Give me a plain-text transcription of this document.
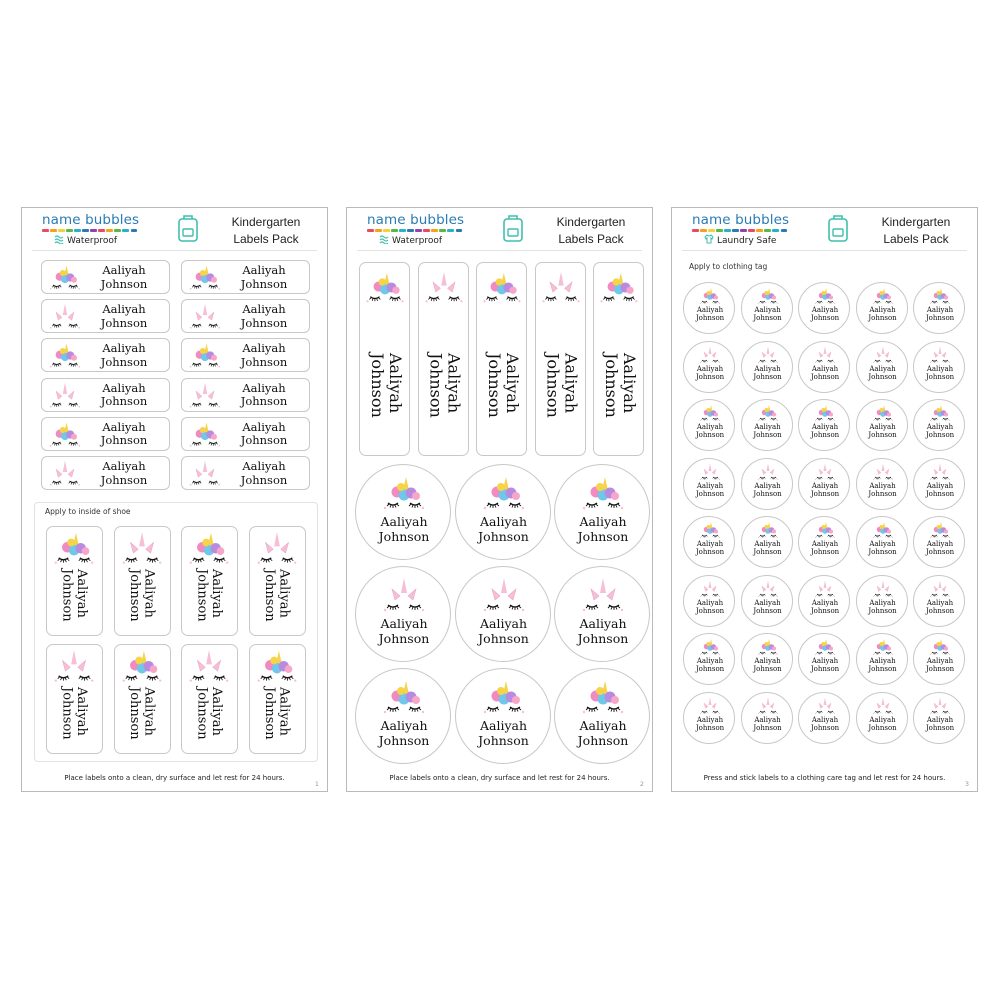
name bubbles
Waterproof
Kindergarten
Labels Pack
Apply to inside of shoe
Place labels onto a clean, dry surface and let rest for 24 hours.
1
Aaliyah
Johnson
Aaliyah
Johnson
Aaliyah
Johnson
Aaliyah
Johnson
Aaliyah
Johnson
Aaliyah
Johnson
Aaliyah
Johnson
Aaliyah
Johnson
Aaliyah
Johnson
Aaliyah
Johnson
Aaliyah
Johnson
Aaliyah
Johnson
Aaliyah
Johnson	Aaliyah
Johnson	Aaliyah
Johnson	Aaliyah
Johnson
Aaliyah
Johnson	Aaliyah
Johnson	Aaliyah
Johnson	Aaliyah
Johnson
name bubbles
Waterproof
Kindergarten
Labels Pack
Place labels onto a clean, dry surface and let rest for 24 hours.
2
Aaliyah
Johnson	Aaliyah
Johnson	Aaliyah
Johnson	Aaliyah
Johnson	Aaliyah
Johnson
Aaliyah
Johnson
Aaliyah
Johnson
Aaliyah
Johnson
Aaliyah
Johnson
Aaliyah
Johnson
Aaliyah
Johnson
Aaliyah
Johnson
Aaliyah
Johnson
Aaliyah
Johnson
name bubbles
Laundry Safe
Kindergarten
Labels Pack
Apply to clothing tag
Press and stick labels to a clothing care tag and let rest for 24 hours.
3
Aaliyah
Johnson
Aaliyah
Johnson
Aaliyah
Johnson
Aaliyah
Johnson
Aaliyah
Johnson
Aaliyah
Johnson
Aaliyah
Johnson
Aaliyah
Johnson
Aaliyah
Johnson
Aaliyah
Johnson
Aaliyah
Johnson
Aaliyah
Johnson
Aaliyah
Johnson
Aaliyah
Johnson
Aaliyah
Johnson
Aaliyah
Johnson
Aaliyah
Johnson
Aaliyah
Johnson
Aaliyah
Johnson
Aaliyah
Johnson
Aaliyah
Johnson
Aaliyah
Johnson
Aaliyah
Johnson
Aaliyah
Johnson
Aaliyah
Johnson
Aaliyah
Johnson
Aaliyah
Johnson
Aaliyah
Johnson
Aaliyah
Johnson
Aaliyah
Johnson
Aaliyah
Johnson
Aaliyah
Johnson
Aaliyah
Johnson
Aaliyah
Johnson
Aaliyah
Johnson
Aaliyah
Johnson
Aaliyah
Johnson
Aaliyah
Johnson
Aaliyah
Johnson
Aaliyah
Johnson
